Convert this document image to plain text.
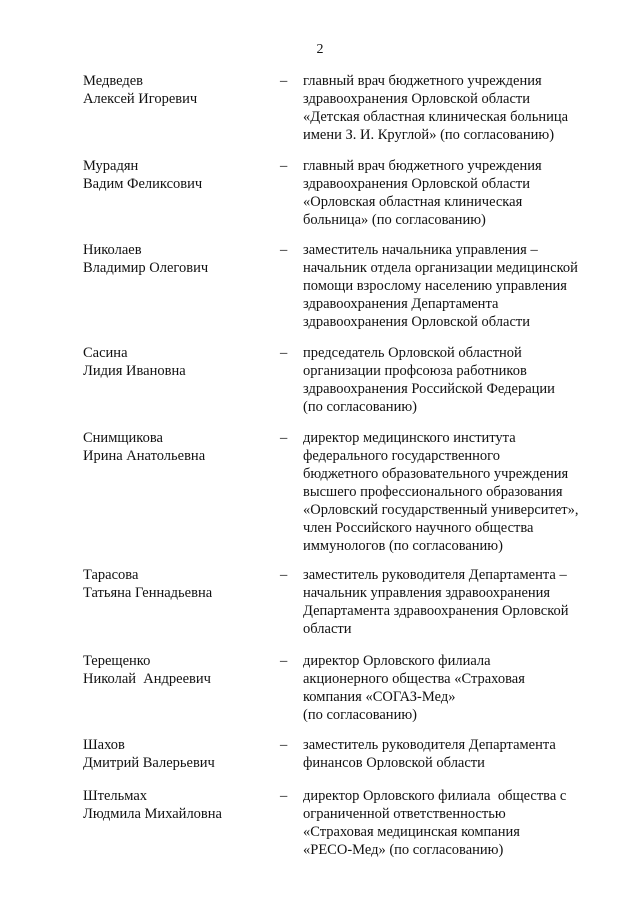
2
Медведев
Алексей Игоревич
– главный врач бюджетного учреждения
здравоохранения Орловской области
«Детская областная клиническая больница
имени З. И. Круглой» (по согласованию)
Мурадян
Вадим Феликсович
– главный врач бюджетного учреждения
здравоохранения Орловской области
«Орловская областная клиническая
больница» (по согласованию)
Николаев
Владимир Олегович
– заместитель начальника управления –
начальник отдела организации медицинской
помощи взрослому населению управления
здравоохранения Департамента
здравоохранения Орловской области
Сасина
Лидия Ивановна
– председатель Орловской областной
организации профсоюза работников
здравоохранения Российской Федерации
(по согласованию)
Снимщикова
Ирина Анатольевна
– директор медицинского института
федерального государственного
бюджетного образовательного учреждения
высшего профессионального образования
«Орловский государственный университет»,
член Российского научного общества
иммунологов (по согласованию)
Тарасова
Татьяна Геннадьевна
– заместитель руководителя Департамента –
начальник управления здравоохранения
Департамента здравоохранения Орловской
области
Терещенко
Николай  Андреевич
– директор Орловского филиала
акционерного общества «Страховая
компания «СОГАЗ-Мед»
(по согласованию)
Шахов
Дмитрий Валерьевич
– заместитель руководителя Департамента
финансов Орловской области
Штельмах
Людмила Михайловна
– директор Орловского филиала  общества с
ограниченной ответственностью
«Страховая медицинская компания
«РЕСО-Мед» (по согласованию)
